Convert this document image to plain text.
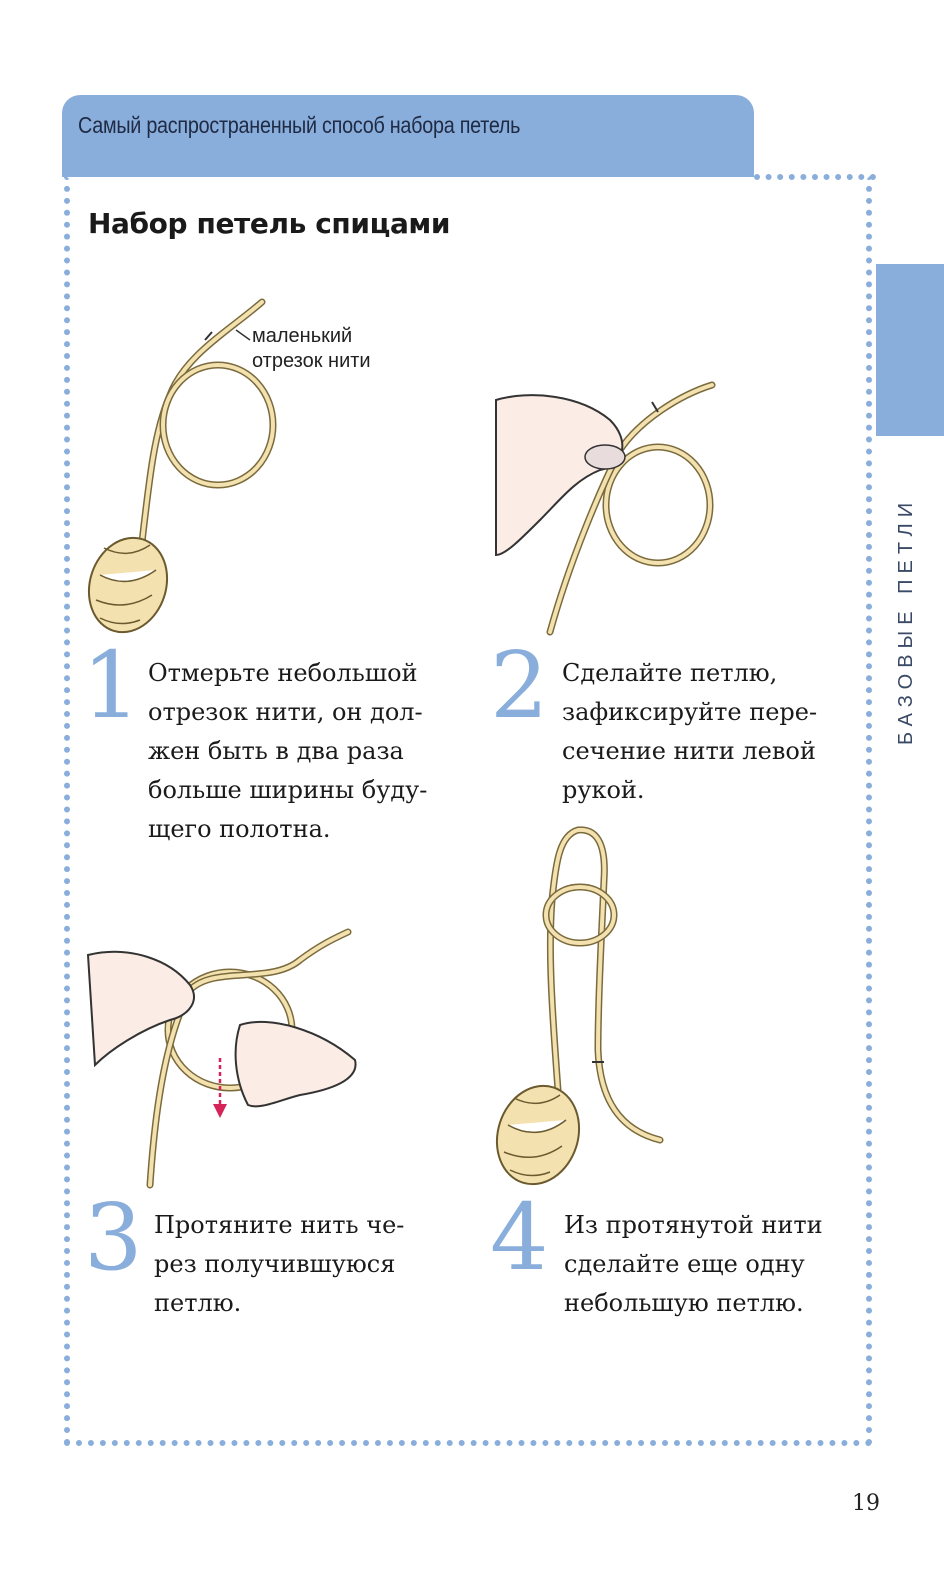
Самый распространенный способ набора петель
БАЗОВЫЕ ПЕТЛИ
Набор петель спицами
маленький
отрезок нити
1 Отмерьте небольшой
отрезок нити, он дол-
жен быть в два раза
больше ширины буду-
щего полотна.
2 Сделайте петлю,
зафиксируйте пере-
сечение нити левой
рукой.
3 Протяните нить че-
рез получившуюся
петлю.
4 Из протянутой нити
сделайте еще одну
небольшую петлю.
19
